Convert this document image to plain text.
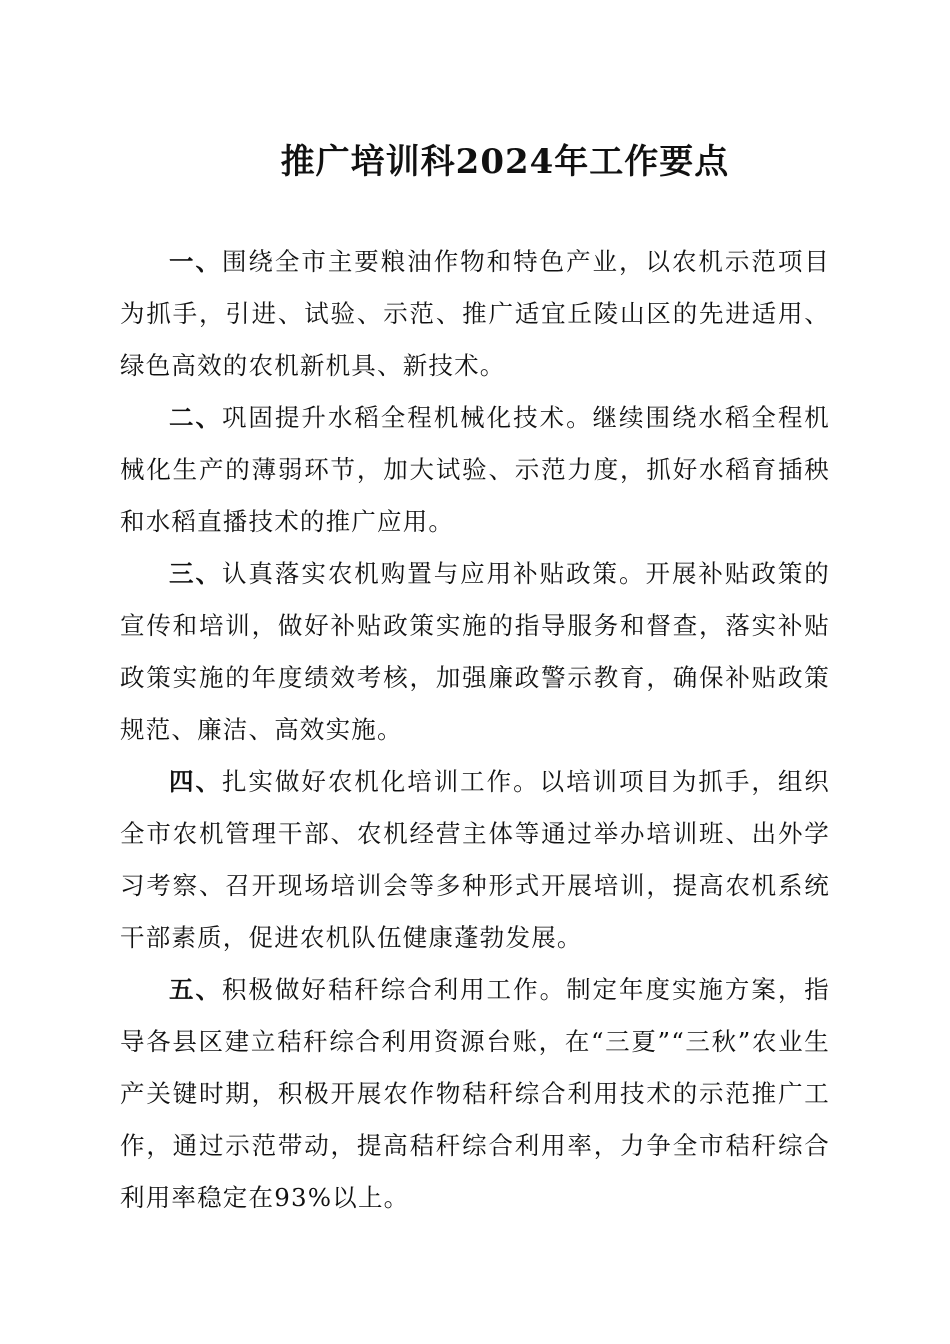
推广培训科2024年工作要点

一、围绕全市主要粮油作物和特色产业，以农机示范项目为抓手，引进、试验、示范、推广适宜丘陵山区的先进适用、绿色高效的农机新机具、新技术。

二、巩固提升水稻全程机械化技术。继续围绕水稻全程机械化生产的薄弱环节，加大试验、示范力度，抓好水稻育插秧和水稻直播技术的推广应用。

三、认真落实农机购置与应用补贴政策。开展补贴政策的宣传和培训，做好补贴政策实施的指导服务和督查，落实补贴政策实施的年度绩效考核，加强廉政警示教育，确保补贴政策规范、廉洁、高效实施。

四、扎实做好农机化培训工作。以培训项目为抓手，组织全市农机管理干部、农机经营主体等通过举办培训班、出外学习考察、召开现场培训会等多种形式开展培训，提高农机系统干部素质，促进农机队伍健康蓬勃发展。

五、积极做好秸秆综合利用工作。制定年度实施方案，指导各县区建立秸秆综合利用资源台账，在“三夏”“三秋”农业生产关键时期，积极开展农作物秸秆综合利用技术的示范推广工作，通过示范带动，提高秸秆综合利用率，力争全市秸秆综合利用率稳定在93%以上。
